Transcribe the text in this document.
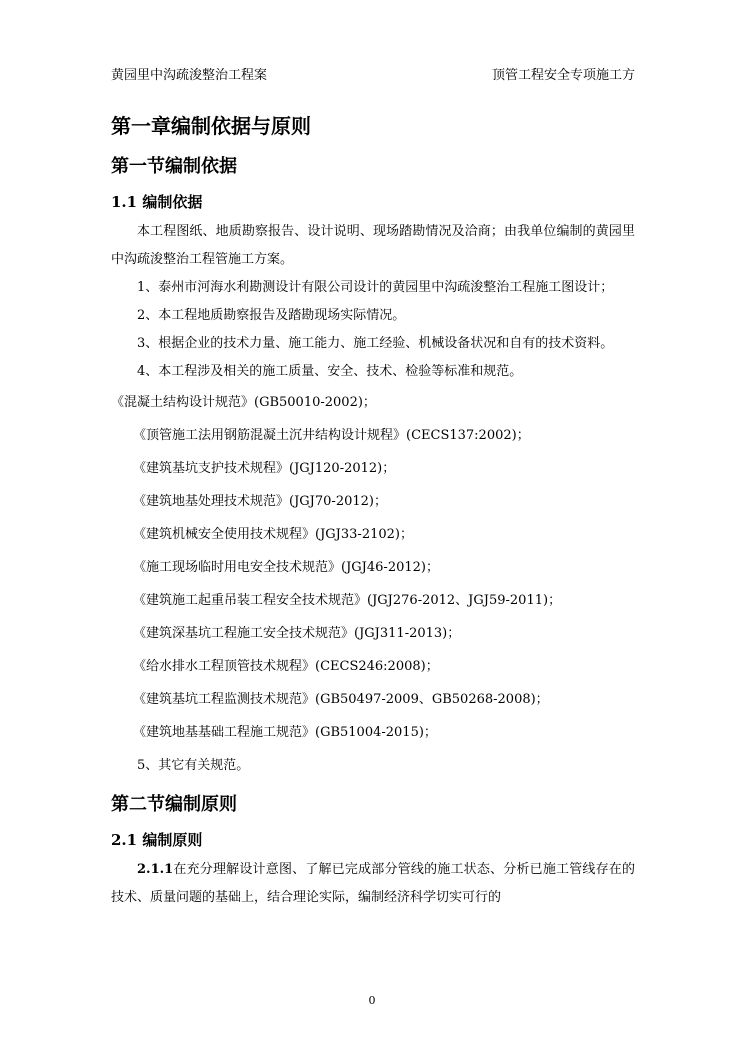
黄园里中沟疏浚整治工程案	顶管工程安全专项施工方
第一章编制依据与原则
第一节编制依据
1.1 编制依据
本工程图纸、地质勘察报告、设计说明、现场踏勘情况及洽商；由我单位编制的黄园里中沟疏浚整治工程管施工方案。
1、泰州市河海水利勘测设计有限公司设计的黄园里中沟疏浚整治工程施工图设计；
2、本工程地质勘察报告及踏勘现场实际情况。
3、根据企业的技术力量、施工能力、施工经验、机械设备状况和自有的技术资料。
4、本工程涉及相关的施工质量、安全、技术、检验等标准和规范。
《混凝土结构设计规范》(GB50010-2002)；
《顶管施工法用钢筋混凝土沉井结构设计规程》(CECS137:2002)；
《建筑基坑支护技术规程》(JGJ120-2012)；
《建筑地基处理技术规范》(JGJ70-2012)；
《建筑机械安全使用技术规程》(JGJ33-2102)；
《施工现场临时用电安全技术规范》(JGJ46-2012)；
《建筑施工起重吊装工程安全技术规范》(JGJ276-2012、JGJ59-2011)；
《建筑深基坑工程施工安全技术规范》(JGJ311-2013)；
《给水排水工程顶管技术规程》(CECS246:2008)；
《建筑基坑工程监测技术规范》(GB50497-2009、GB50268-2008)；
《建筑地基基础工程施工规范》(GB51004-2015)；
5、其它有关规范。
第二节编制原则
2.1 编制原则
2.1.1在充分理解设计意图、了解已完成部分管线的施工状态、分析已施工管线存在的技术、质量问题的基础上，结合理论实际，编制经济科学切实可行的
0
